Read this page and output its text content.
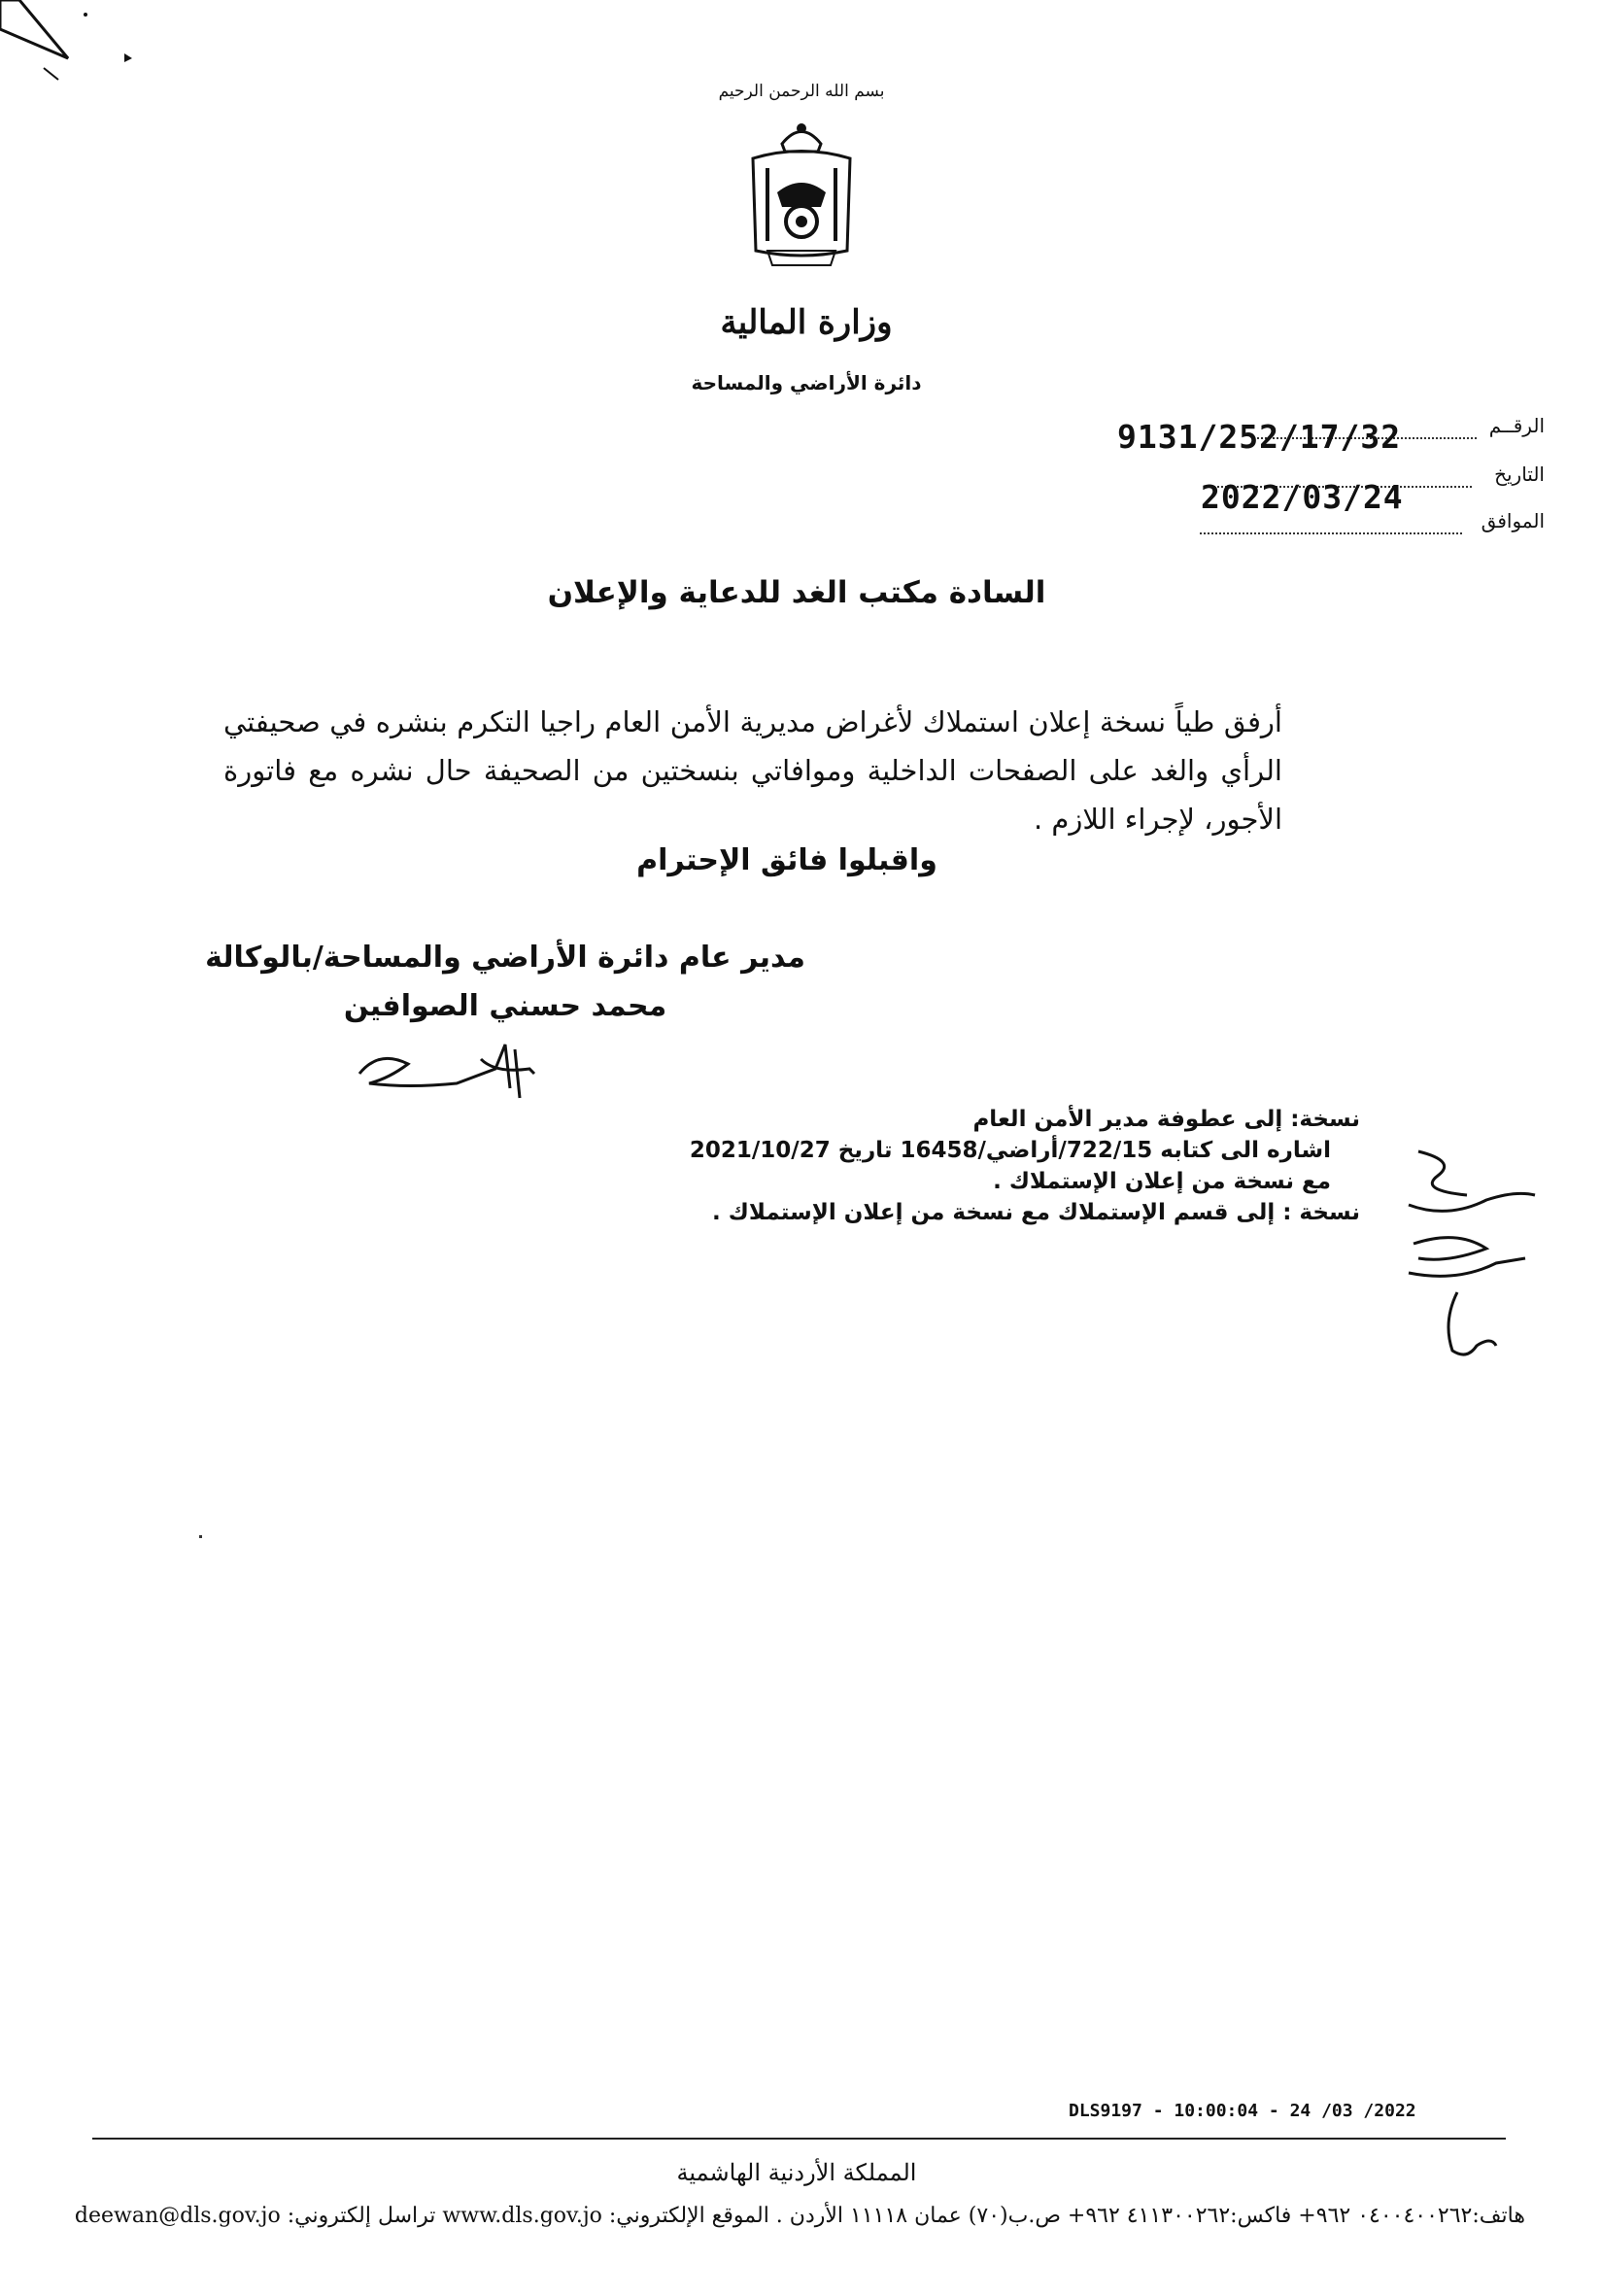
بسم الله الرحمن الرحيم
وزارة المالية
دائرة الأراضي والمساحة
الرقــم
9131/252/17/32
التاريخ
2022/03/24
الموافق
السادة مكتب الغد للدعاية والإعلان
أرفق طياً نسخة إعلان استملاك لأغراض مديرية الأمن العام راجيا التكرم بنشره في صحيفتي الرأي والغد على الصفحات الداخلية وموافاتي بنسختين من الصحيفة حال نشره مع فاتورة الأجور، لإجراء اللازم .
واقبلوا فائق الإحترام
مدير عام دائرة الأراضي والمساحة/بالوكالة
محمد حسني الصوافين
نسخة: إلى عطوفة مدير الأمن العام
اشاره الى كتابه 722/15/أراضي/16458 تاريخ 2021/10/27
مع نسخة من إعلان الإستملاك .
نسخة : إلى قسم الإستملاك مع نسخة من إعلان الإستملاك .
DLS9197 - 10:00:04 - 24 /03 /2022
المملكة الأردنية الهاشمية
هاتف:٠٤٠٠٤٠٠٢٦٢ ٩٦٢+ فاكس:٤١١٣٠٠٢٦٢ ٩٦٢+ ص.ب(٧٠) عمان ١١١١٨ الأردن . الموقع الإلكتروني: www.dls.gov.jo تراسل إلكتروني: deewan@dls.gov.jo
